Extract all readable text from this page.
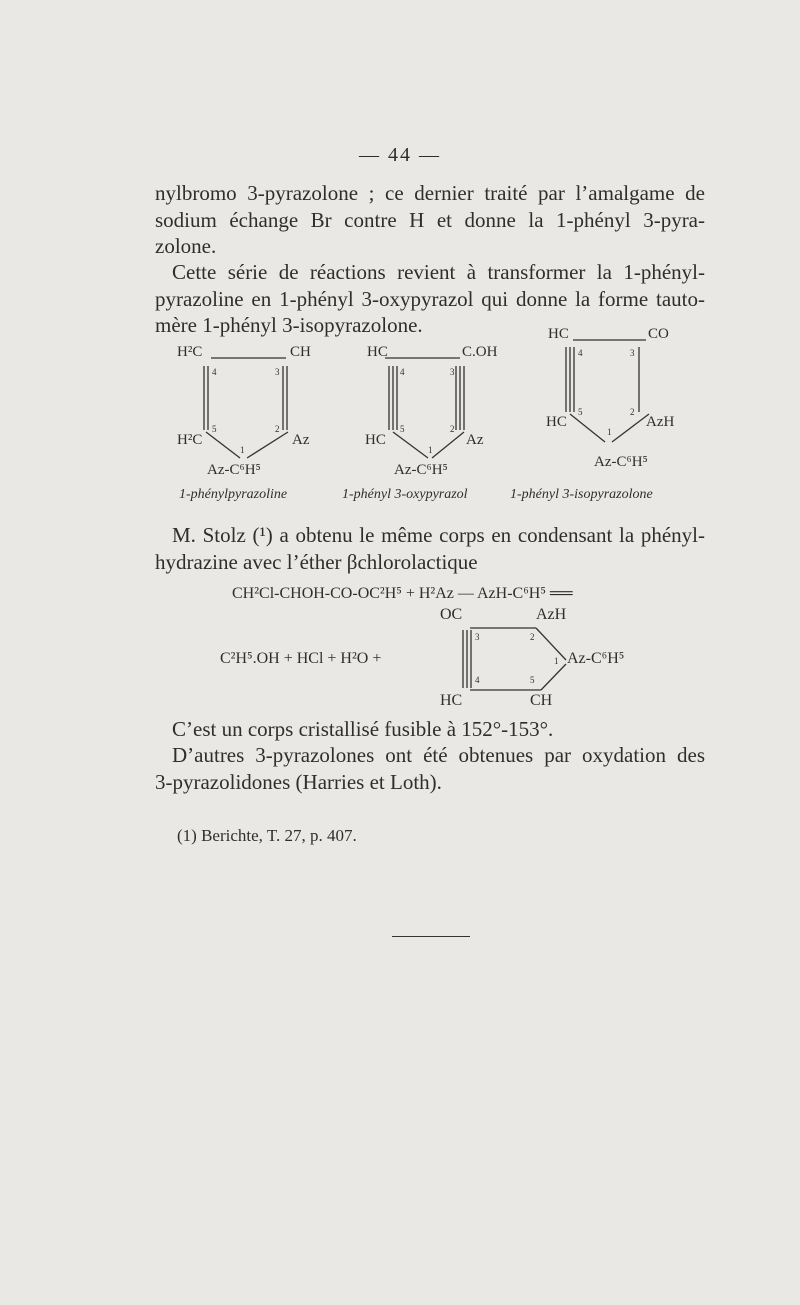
— 44 —
nylbromo 3-pyrazolone ; ce dernier traité par l’amalgame de
sodium échange Br contre H et donne la 1-phényl 3-pyra-
zolone.
Cette série de réactions revient à transformer la 1-phényl-
pyrazoline en 1-phényl 3-oxypyrazol qui donne la forme tauto-
mère 1-phényl 3-isopyrazolone.
H²C	CH
H²C	Az
Az-C⁶H⁵
4	3
5	2
1
1-phénylpyrazoline
HC	C.OH
HC	Az
Az-C⁶H⁵
4	3
5	2
1
1-phényl 3-oxypyrazol
HC	CO
HC	AzH
Az-C⁶H⁵
4	3
5	2
1
1-phényl 3-isopyrazolone
M. Stolz (¹) a obtenu le même corps en condensant la phényl-
hydrazine avec l’éther βchlorolactique
CH²Cl-CHOH-CO-OC²H⁵ + H²Az — AzH-C⁶H⁵ ══
OC	AzH
C²H⁵.OH + HCl + H²O +	Az-C⁶H⁵
HC	CH
3	2
1
4	5
C’est un corps cristallisé fusible à 152°-153°.
D’autres 3-pyrazolones ont été obtenues par oxydation des
3-pyrazolidones (Harries et Loth).
(1) Berichte, T. 27, p. 407.
